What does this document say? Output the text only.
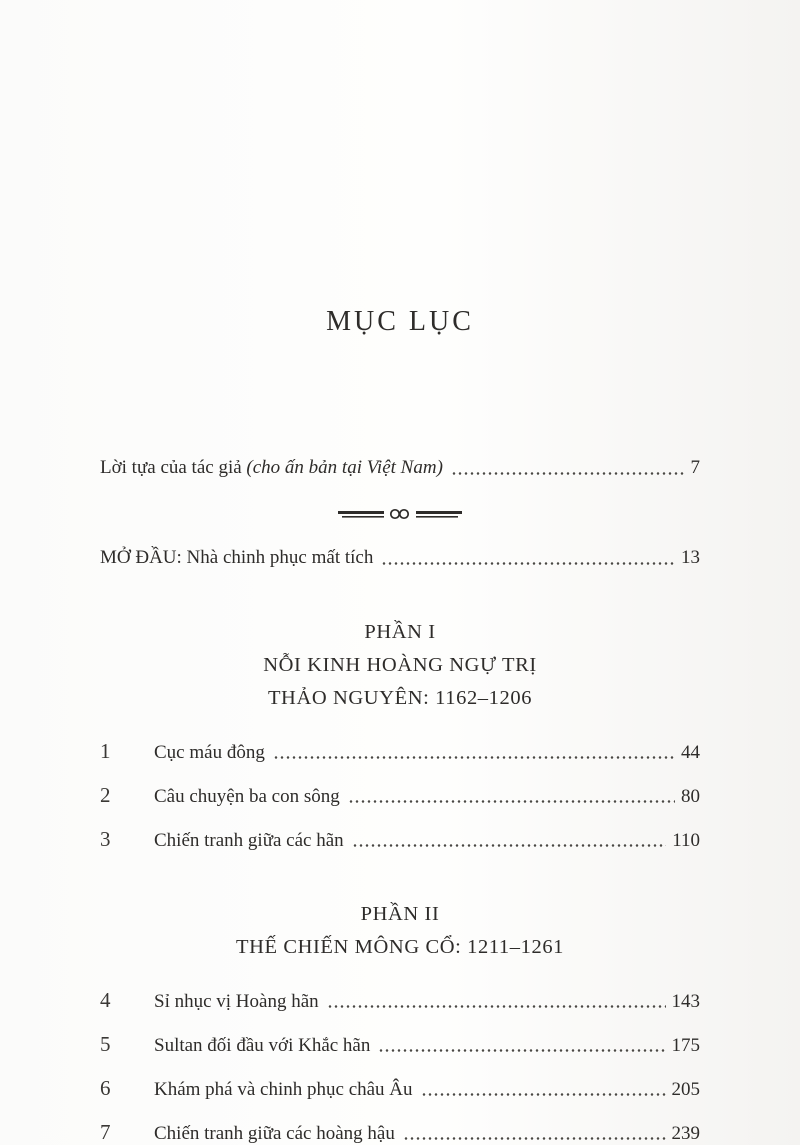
MỤC LỤC
Lời tựa của tác giả (cho ấn bản tại Việt Nam)	7
MỞ ĐẦU: Nhà chinh phục mất tích	13
PHẦN I
NỖI KINH HOÀNG NGỰ TRỊ
THẢO NGUYÊN: 1162–1206
1	Cục máu đông	44
2	Câu chuyện ba con sông	80
3	Chiến tranh giữa các hãn	110
PHẦN II
THẾ CHIẾN MÔNG CỔ: 1211–1261
4	Sỉ nhục vị Hoàng hãn	143
5	Sultan đối đầu với Khắc hãn	175
6	Khám phá và chinh phục châu Âu	205
7	Chiến tranh giữa các hoàng hậu	239
